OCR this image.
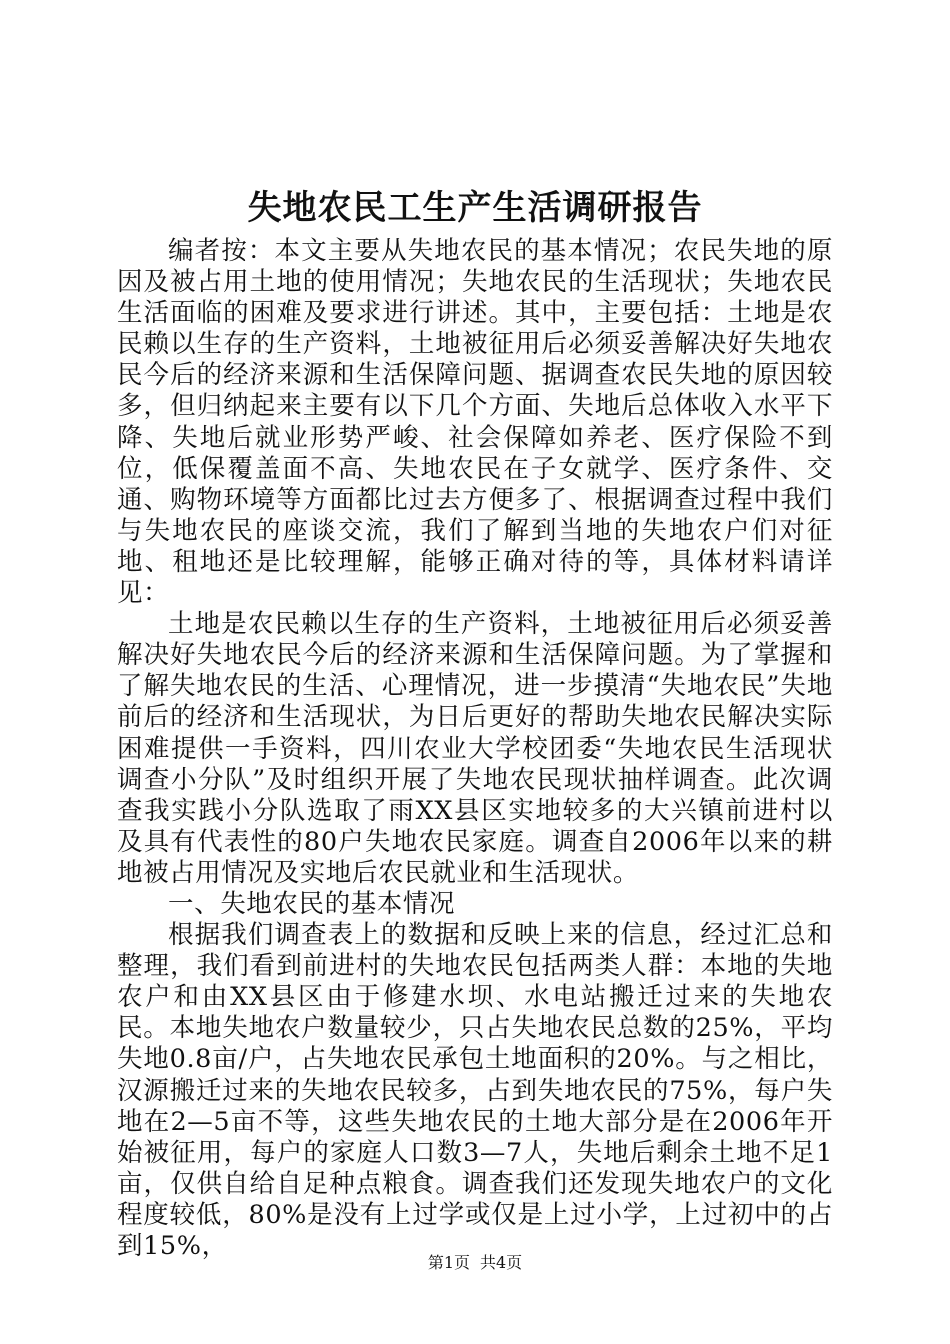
失地农民工生产生活调研报告

编者按：本文主要从失地农民的基本情况；农民失地的原因及被占用土地的使用情况；失地农民的生活现状；失地农民生活面临的困难及要求进行讲述。其中，主要包括：土地是农民赖以生存的生产资料，土地被征用后必须妥善解决好失地农民今后的经济来源和生活保障问题、据调查农民失地的原因较多，但归纳起来主要有以下几个方面、失地后总体收入水平下降、失地后就业形势严峻、社会保障如养老、医疗保险不到位，低保覆盖面不高、失地农民在子女就学、医疗条件、交通、购物环境等方面都比过去方便多了、根据调查过程中我们与失地农民的座谈交流，我们了解到当地的失地农户们对征地、租地还是比较理解，能够正确对待的等，具体材料请详见：

土地是农民赖以生存的生产资料，土地被征用后必须妥善解决好失地农民今后的经济来源和生活保障问题。为了掌握和了解失地农民的生活、心理情况，进一步摸清“失地农民”失地前后的经济和生活现状，为日后更好的帮助失地农民解决实际困难提供一手资料，四川农业大学校团委“失地农民生活现状调查小分队”及时组织开展了失地农民现状抽样调查。此次调查我实践小分队选取了雨XX县区实地较多的大兴镇前进村以及具有代表性的80户失地农民家庭。调查自2006年以来的耕地被占用情况及实地后农民就业和生活现状。

一、失地农民的基本情况

根据我们调查表上的数据和反映上来的信息，经过汇总和整理，我们看到前进村的失地农民包括两类人群：本地的失地农户和由XX县区由于修建水坝、水电站搬迁过来的失地农民。本地失地农户数量较少，只占失地农民总数的25%，平均失地0.8亩/户，占失地农民承包土地面积的20%。与之相比，汉源搬迁过来的失地农民较多，占到失地农民的75%，每户失地在2—5亩不等，这些失地农民的土地大部分是在2006年开始被征用，每户的家庭人口数3—7人，失地后剩余土地不足1亩，仅供自给自足种点粮食。调查我们还发现失地农户的文化程度较低，80%是没有上过学或仅是上过小学，上过初中的占到15%，

第1页 共4页
